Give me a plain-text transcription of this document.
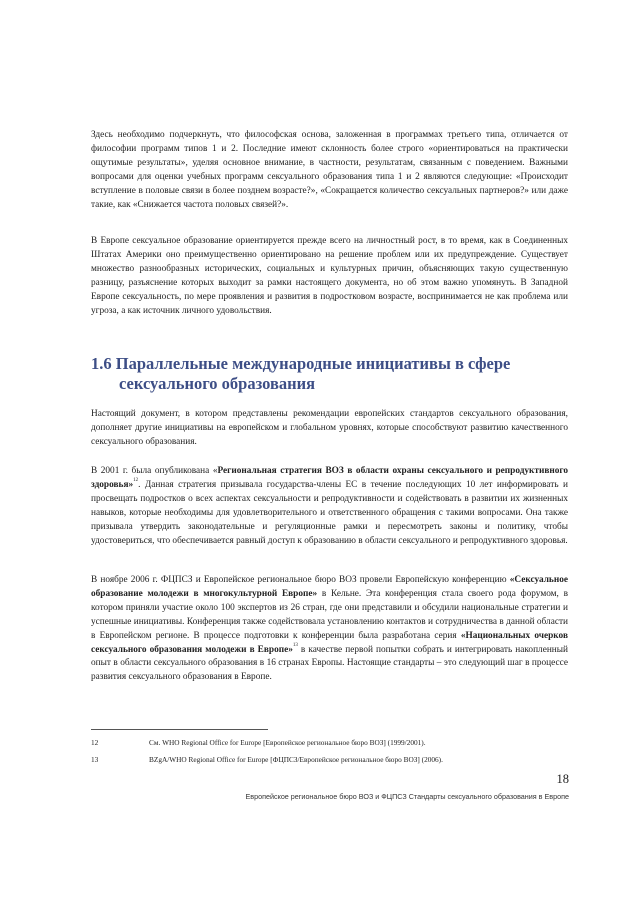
Здесь необходимо подчеркнуть, что философская основа, заложенная в программах третьего типа, отличается от философии программ типов 1 и 2. Последние имеют склонность более строго «ориентироваться на практически ощутимые результаты», уделяя основное внимание, в частности, результатам, связанным с поведением. Важными вопросами для оценки учебных программ сексуального образования типа 1 и 2 являются следующие: «Происходит вступление в половые связи в более позднем возрасте?», «Сокращается количество сексуальных партнеров?» или даже такие, как «Снижается частота половых связей?».

В Европе сексуальное образование ориентируется прежде всего на личностный рост, в то время, как в Соединенных Штатах Америки оно преимущественно ориентировано на решение проблем или их предупреждение. Существует множество разнообразных исторических, социальных и культурных причин, объясняющих такую существенную разницу, разъяснение которых выходит за рамки настоящего документа, но об этом важно упомянуть. В Западной Европе сексуальность, по мере проявления и развития в подростковом возрасте, воспринимается не как проблема или угроза, а как источник личного удовольствия.

1.6 Параллельные международные инициативы в сфере
сексуального образования

Настоящий документ, в котором представлены рекомендации европейских стандартов сексуального образования, дополняет другие инициативы на европейском и глобальном уровнях, которые способствуют развитию качественного сексуального образования.

В 2001 г. была опубликована «Региональная стратегия ВОЗ в области охраны сексуального и репродуктивного здоровья»$^{12}$. Данная стратегия призывала государства-члены ЕС в течение последующих 10 лет информировать и просвещать подростков о всех аспектах сексуальности и репродуктивности и содействовать в развитии их жизненных навыков, которые необходимы для удовлетворительного и ответственного обращения с такими вопросами. Она также призывала утвердить законодательные и регуляционные рамки и пересмотреть законы и политику, чтобы удостовериться, что обеспечивается равный доступ к образованию в области сексуального и репродуктивного здоровья.

В ноябре 2006 г. ФЦПСЗ и Европейское региональное бюро ВОЗ провели Европейскую конференцию «Сексуальное образование молодежи в многокультурной Европе» в Кельне. Эта конференция стала своего рода форумом, в котором приняли участие около 100 экспертов из 26 стран, где они представили и обсудили национальные стратегии и успешные инициативы. Конференция также содействовала установлению контактов и сотрудничества в данной области в Европейском регионе. В процессе подготовки к конференции была разработана серия «Национальных очерков сексуального образования молодежи в Европе»$^{13}$ в качестве первой попытки собрать и интегрировать накопленный опыт в области сексуального образования в 16 странах Европы. Настоящие стандарты – это следующий шаг в процессе развития сексуального образования в Европе.

12	См. WHO Regional Office for Europe [Европейское региональное бюро ВОЗ] (1999/2001).
13	BZgA/WHO Regional Office for Europe [ФЦПСЗ/Европейское региональное бюро ВОЗ] (2006).
18
Европейское региональное бюро ВОЗ и ФЦПСЗ Стандарты сексуального образования в Европе
